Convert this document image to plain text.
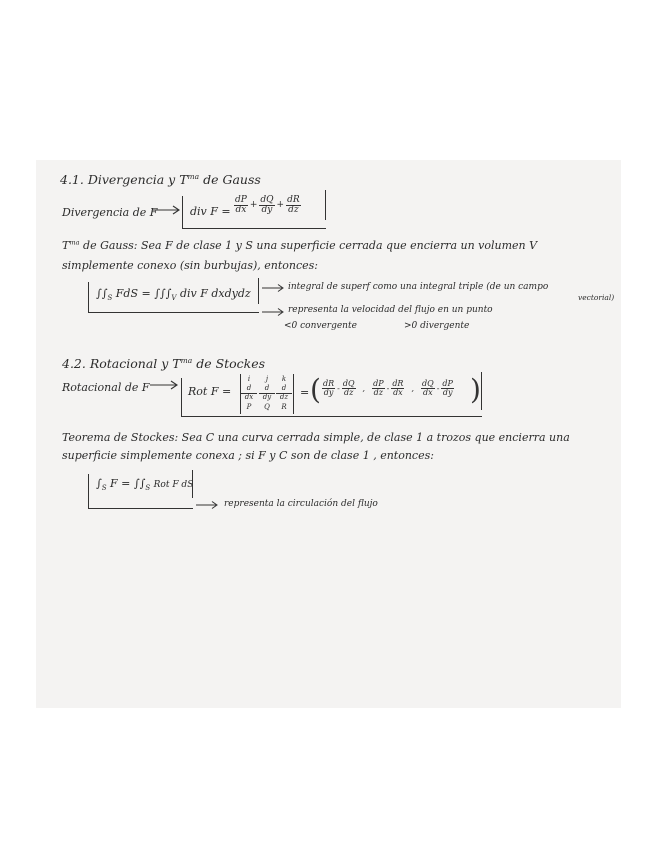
4.1. Divergencia y $T^{ma}$ de Gauss
Divergencia de F	div $F = \frac{dP}{dx} + \frac{dQ}{dy} + \frac{dR}{dz}$
$T^{ma}$ de Gauss: Sea F de clase 1 y S una superficie cerrada que encierra un volumen V
simplemente conexo (sin burbujas), entonces:
$\int\int_S$ FdS = $\int\int\int_V$ div F dxdydz	integral de superf como una integral triple (de un campo
vectorial)
representa la velocidad del flujo en un punto
<0 convergente	>0 divergente
4.2. Rotacional y $T^{ma}$ de Stockes
Rotacional de F	Rot F =
i	j	k
d
dx
d
dy
d
dz
P	Q	R
= ( $\frac{dR}{dy} - \frac{dQ}{dz}$ , $\frac{dP}{dz} - \frac{dR}{dx}$ , $\frac{dQ}{dx} - \frac{dP}{dy}$ )
Teorema de Stockes: Sea C una curva cerrada simple, de clase 1 a trozos que encierra una
superficie simplemente conexa ; si F y C son de clase 1 , entonces:
$\int_S$ $F = \int\int_S$ Rot F dS
representa la circulación del flujo
